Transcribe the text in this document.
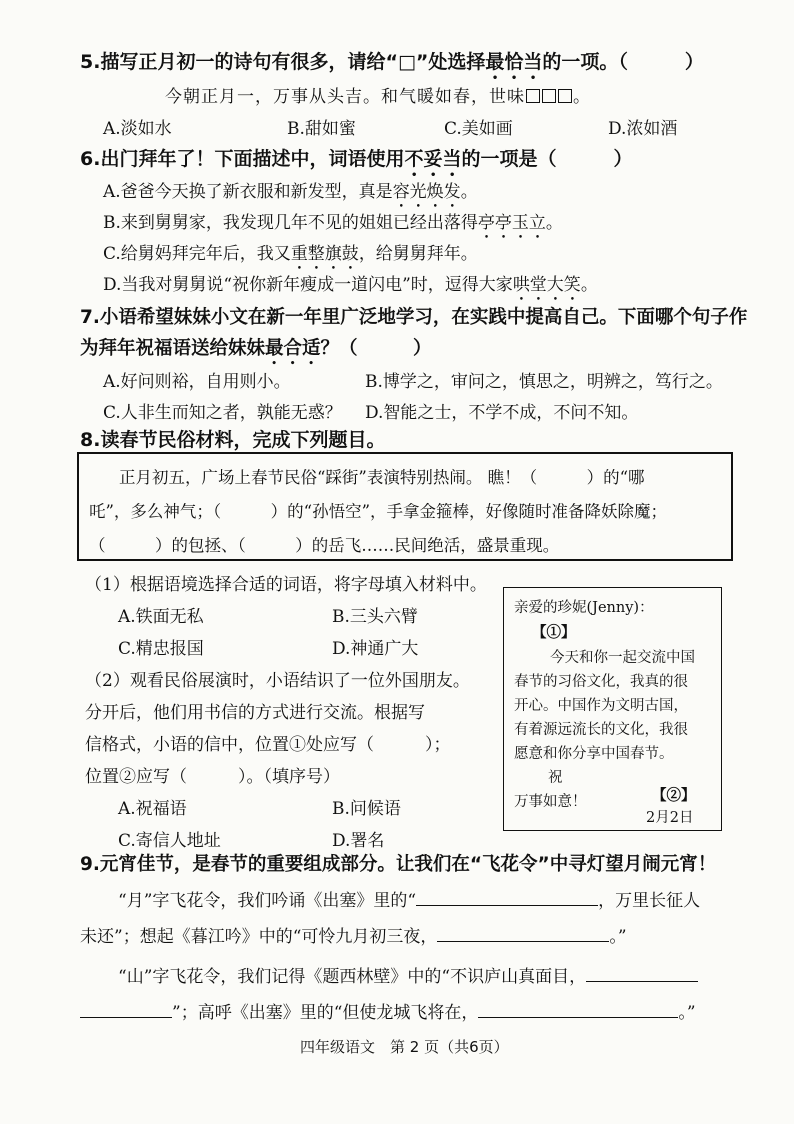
5.描写正月初一的诗句有很多，请给“□”处选择最恰当的一项。（　　　）
今朝正月一，万事从头吉。和气暖如春，世味	。
A.淡如水	B.甜如蜜	C.美如画	D.浓如酒
6.出门拜年了！下面描述中，词语使用不妥当的一项是（　　　）
A.爸爸今天换了新衣服和新发型，真是容光焕发。
B.来到舅舅家，我发现几年不见的姐姐已经出落得亭亭玉立。
C.给舅妈拜完年后，我又重整旗鼓，给舅舅拜年。
D.当我对舅舅说“祝你新年瘦成一道闪电”时，逗得大家哄堂大笑。
7.小语希望妹妹小文在新一年里广泛地学习，在实践中提高自己。下面哪个句子作
为拜年祝福语送给妹妹最合适？（　　　）
A.好问则裕，自用则小。	B.博学之，审问之，慎思之，明辨之，笃行之。
C.人非生而知之者，孰能无惑？ D.智能之士，不学不成，不问不知。
8.读春节民俗材料，完成下列题目。
正月初五，广场上春节民俗“踩街”表演特别热闹。 瞧！（　　　）的“哪
吒”，多么神气；（　　　）的“孙悟空”，手拿金箍棒，好像随时准备降妖除魔；
（　　　）的包拯、（　　　）的岳飞……民间绝活，盛景重现。
（1）根据语境选择合适的词语，将字母填入材料中。
A.铁面无私	B.三头六臂
C.精忠报国	D.神通广大
（2）观看民俗展演时，小语结识了一位外国朋友。
分开后，他们用书信的方式进行交流。根据写
信格式，小语的信中，位置①处应写（　　　）；
位置②应写（　　　）。（填序号）
A.祝福语	B.问候语
C.寄信人地址	D.署名
亲爱的珍妮(Jenny)：
【①】
今天和你一起交流中国
春节的习俗文化，我真的很
开心。中国作为文明古国，
有着源远流长的文化，我很
愿意和你分享中国春节。
祝
万事如意！	【②】
2月2日
9.元宵佳节，是春节的重要组成部分。让我们在“飞花令”中寻灯望月闹元宵！
“月”字飞花令，我们吟诵《出塞》里的“	，万里长征人
未还”；想起《暮江吟》中的“可怜九月初三夜，	。”
“山”字飞花令，我们记得《题西林壁》中的“不识庐山真面目，
”；高呼《出塞》里的“但使龙城飞将在，	。”
四年级语文　第 2 页（共6页）
